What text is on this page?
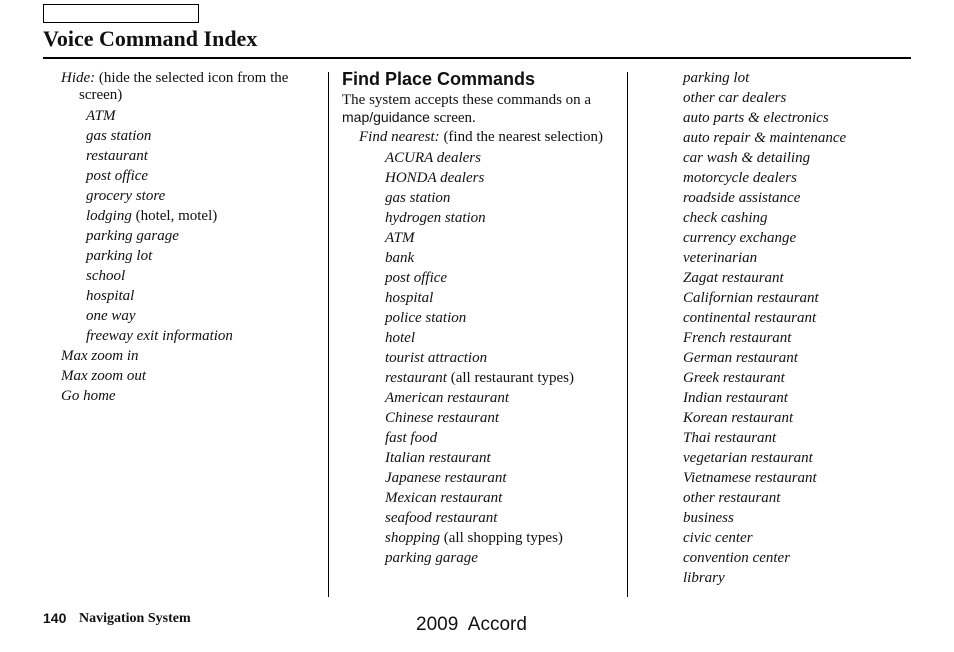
Voice Command Index
Hide: (hide the selected icon from the screen)
ATM
gas station
restaurant
post office
grocery store
lodging (hotel, motel)
parking garage
parking lot
school
hospital
one way
freeway exit information
Max zoom in
Max zoom out
Go home
Find Place Commands
The system accepts these commands on a map/guidance screen.
Find nearest: (find the nearest selection)
ACURA dealers
HONDA dealers
gas station
hydrogen station
ATM
bank
post office
hospital
police station
hotel
tourist attraction
restaurant (all restaurant types)
American restaurant
Chinese restaurant
fast food
Italian restaurant
Japanese restaurant
Mexican restaurant
seafood restaurant
shopping (all shopping types)
parking garage
parking lot
other car dealers
auto parts & electronics
auto repair & maintenance
car wash & detailing
motorcycle dealers
roadside assistance
check cashing
currency exchange
veterinarian
Zagat restaurant
Californian restaurant
continental restaurant
French restaurant
German restaurant
Greek restaurant
Indian restaurant
Korean restaurant
Thai restaurant
vegetarian restaurant
Vietnamese restaurant
other restaurant
business
civic center
convention center
library
140 Navigation System	2009  Accord
